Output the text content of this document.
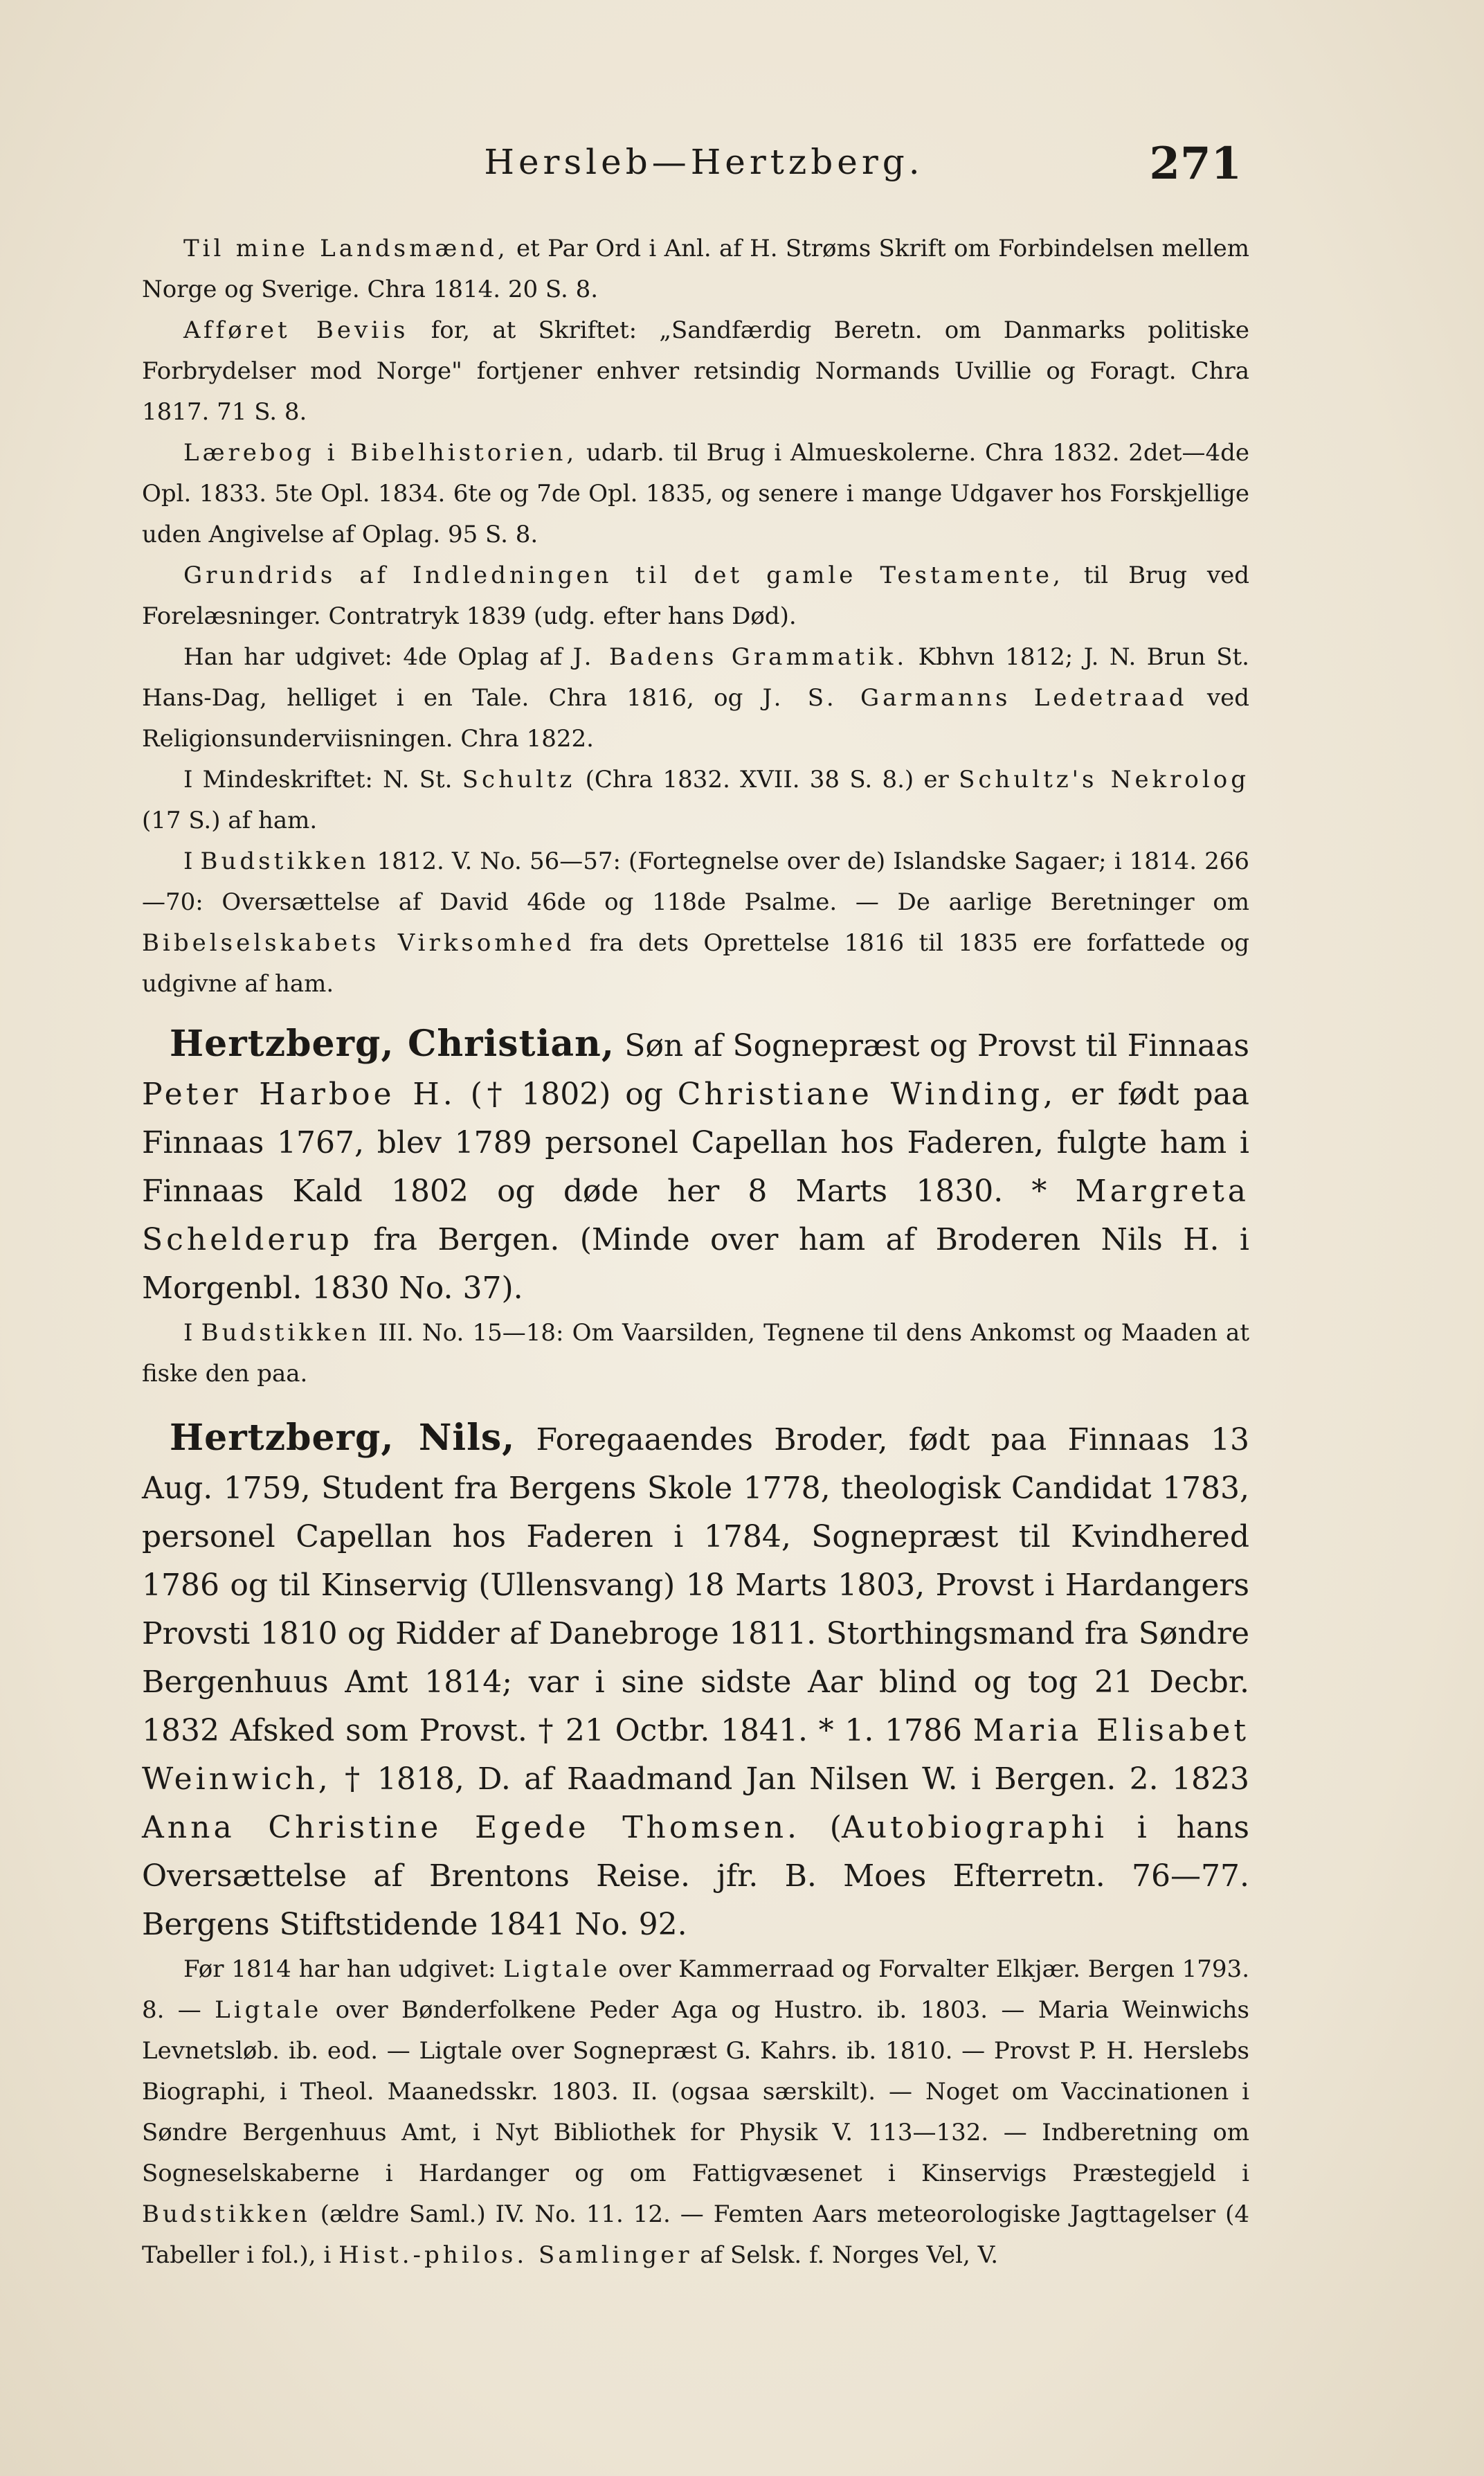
Hersleb—Hertzberg.	271

Til mine Landsmænd, et Par Ord i Anl. af H. Strøms Skrift om Forbindelsen mellem Norge og Sverige. Chra 1814. 20 S. 8.

Afføret Beviis for, at Skriftet: „Sandfærdig Beretn. om Danmarks politiske Forbrydelser mod Norge" fortjener enhver retsindig Normands Uvillie og Foragt. Chra 1817. 71 S. 8.

Lærebog i Bibelhistorien, udarb. til Brug i Almueskolerne. Chra 1832. 2det—4de Opl. 1833. 5te Opl. 1834. 6te og 7de Opl. 1835, og senere i mange Udgaver hos Forskjellige uden Angivelse af Oplag. 95 S. 8.

Grundrids af Indledningen til det gamle Testamente, til Brug ved Forelæsninger. Contratryk 1839 (udg. efter hans Død).

Han har udgivet: 4de Oplag af J. Badens Grammatik. Kbhvn 1812; J. N. Brun St. Hans-Dag, helliget i en Tale. Chra 1816, og J. S. Garmanns Ledetraad ved Religionsunderviisningen. Chra 1822.

I Mindeskriftet: N. St. Schultz (Chra 1832. XVII. 38 S. 8.) er Schultz's Nekrolog (17 S.) af ham.

I Budstikken 1812. V. No. 56—57: (Fortegnelse over de) Islandske Sagaer; i 1814. 266—70: Oversættelse af David 46de og 118de Psalme. — De aarlige Beretninger om Bibelselskabets Virksomhed fra dets Oprettelse 1816 til 1835 ere forfattede og udgivne af ham.

Hertzberg, Christian, Søn af Sognepræst og Provst til Finnaas Peter Harboe H. († 1802) og Christiane Winding, er født paa Finnaas 1767, blev 1789 personel Capellan hos Faderen, fulgte ham i Finnaas Kald 1802 og døde her 8 Marts 1830. * Margreta Schelderup fra Bergen. (Minde over ham af Broderen Nils H. i Morgenbl. 1830 No. 37).

I Budstikken III. No. 15—18: Om Vaarsilden, Tegnene til dens Ankomst og Maaden at fiske den paa.

Hertzberg, Nils, Foregaaendes Broder, født paa Finnaas 13 Aug. 1759, Student fra Bergens Skole 1778, theologisk Candidat 1783, personel Capellan hos Faderen i 1784, Sognepræst til Kvindhered 1786 og til Kinservig (Ullensvang) 18 Marts 1803, Provst i Hardangers Provsti 1810 og Ridder af Danebroge 1811. Storthingsmand fra Søndre Bergenhuus Amt 1814; var i sine sidste Aar blind og tog 21 Decbr. 1832 Afsked som Provst. † 21 Octbr. 1841. * 1. 1786 Maria Elisabet Weinwich, † 1818, D. af Raadmand Jan Nilsen W. i Bergen. 2. 1823 Anna Christine Egede Thomsen. (Autobiographi i hans Oversættelse af Brentons Reise. jfr. B. Moes Efterretn. 76—77. Bergens Stiftstidende 1841 No. 92.

Før 1814 har han udgivet: Ligtale over Kammerraad og Forvalter Elkjær. Bergen 1793. 8. — Ligtale over Bønderfolkene Peder Aga og Hustro. ib. 1803. — Maria Weinwichs Levnetsløb. ib. eod. — Ligtale over Sognepræst G. Kahrs. ib. 1810. — Provst P. H. Herslebs Biographi, i Theol. Maanedsskr. 1803. II. (ogsaa særskilt). — Noget om Vaccinationen i Søndre Bergenhuus Amt, i Nyt Bibliothek for Physik V. 113—132. — Indberetning om Sogneselskaberne i Hardanger og om Fattigvæsenet i Kinservigs Præstegjeld i Budstikken (ældre Saml.) IV. No. 11. 12. — Femten Aars meteorologiske Jagttagelser (4 Tabeller i fol.), i Hist.-philos. Samlinger af Selsk. f. Norges Vel, V.
